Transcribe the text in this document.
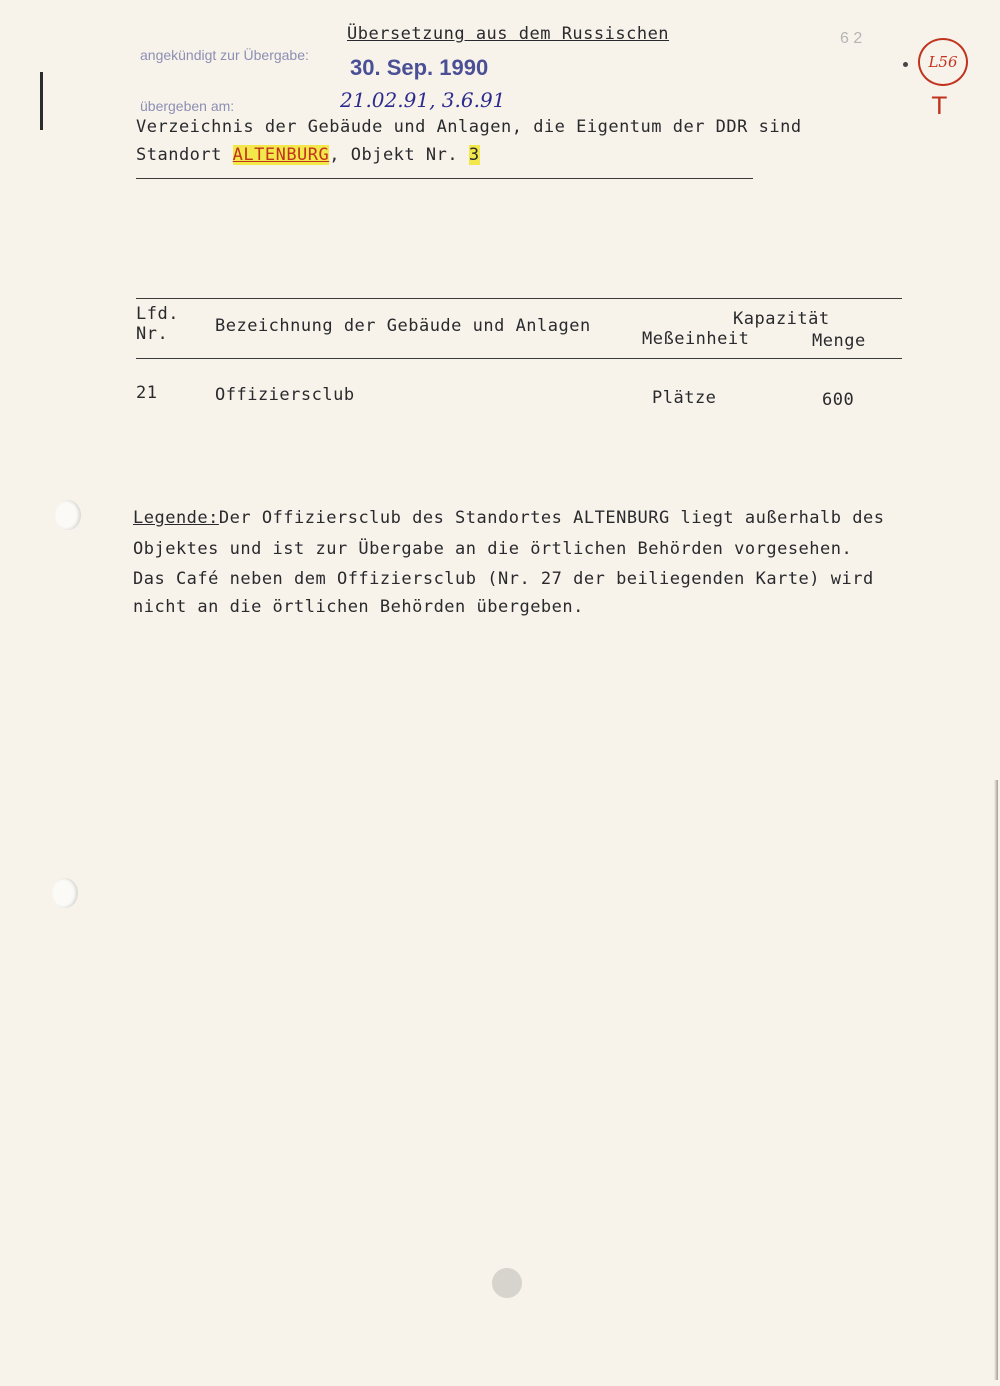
Übersetzung aus dem Russischen
angekündigt zur Übergabe: 30. Sep. 1990
übergeben am:	21.02.91, 3.6.91
Verzeichnis der Gebäude und Anlagen, die Eigentum der DDR sind
Standort ALTENBURG, Objekt Nr. 3
6 2
L56
T
Lfd.
Nr.	Bezeichnung der Gebäude und Anlagen	Kapazität
Meßeinheit	Menge
21	Offiziersclub	Plätze	600
Legende:Der Offiziersclub des Standortes ALTENBURG liegt außerhalb des
Objektes und ist zur Übergabe an die örtlichen Behörden vorgesehen.
Das Café neben dem Offiziersclub (Nr. 27 der beiliegenden Karte) wird
nicht an die örtlichen Behörden übergeben.
